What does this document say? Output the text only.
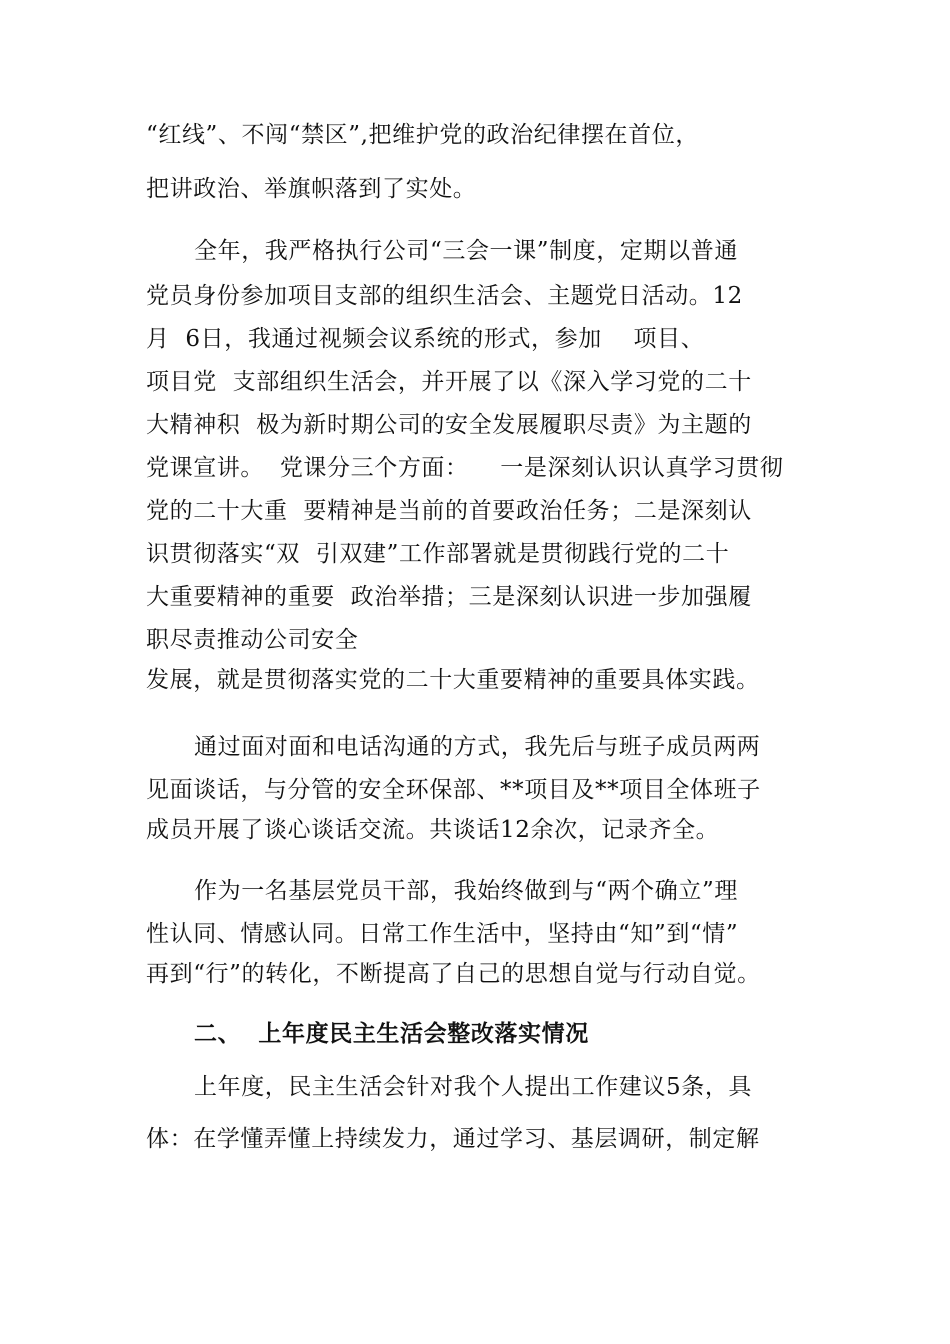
“红线”、不闯“禁区”,把维护党的政治纪律摆在首位，
把讲政治、举旗帜落到了实处。
全年，我严格执行公司“三会一课”制度，定期以普通
党员身份参加项目支部的组织生活会、主题党日活动。12
月  6日，我通过视频会议系统的形式，参加    项目、
项目党  支部组织生活会，并开展了以《深入学习党的二十
大精神积  极为新时期公司的安全发展履职尽责》为主题的
党课宣讲。  党课分三个方面：    一是深刻认识认真学习贯彻
党的二十大重  要精神是当前的首要政治任务；二是深刻认
识贯彻落实“双  引双建”工作部署就是贯彻践行党的二十
大重要精神的重要  政治举措；三是深刻认识进一步加强履
职尽责推动公司安全
发展，就是贯彻落实党的二十大重要精神的重要具体实践。
通过面对面和电话沟通的方式，我先后与班子成员两两
见面谈话，与分管的安全环保部、**项目及**项目全体班子
成员开展了谈心谈话交流。共谈话12余次，记录齐全。
作为一名基层党员干部，我始终做到与“两个确立”理
性认同、情感认同。日常工作生活中，坚持由“知”到“情”
再到“行”的转化，不断提高了自己的思想自觉与行动自觉。
二、  上年度民主生活会整改落实情况
上年度，民主生活会针对我个人提出工作建议5条，具
体：在学懂弄懂上持续发力，通过学习、基层调研，制定解
